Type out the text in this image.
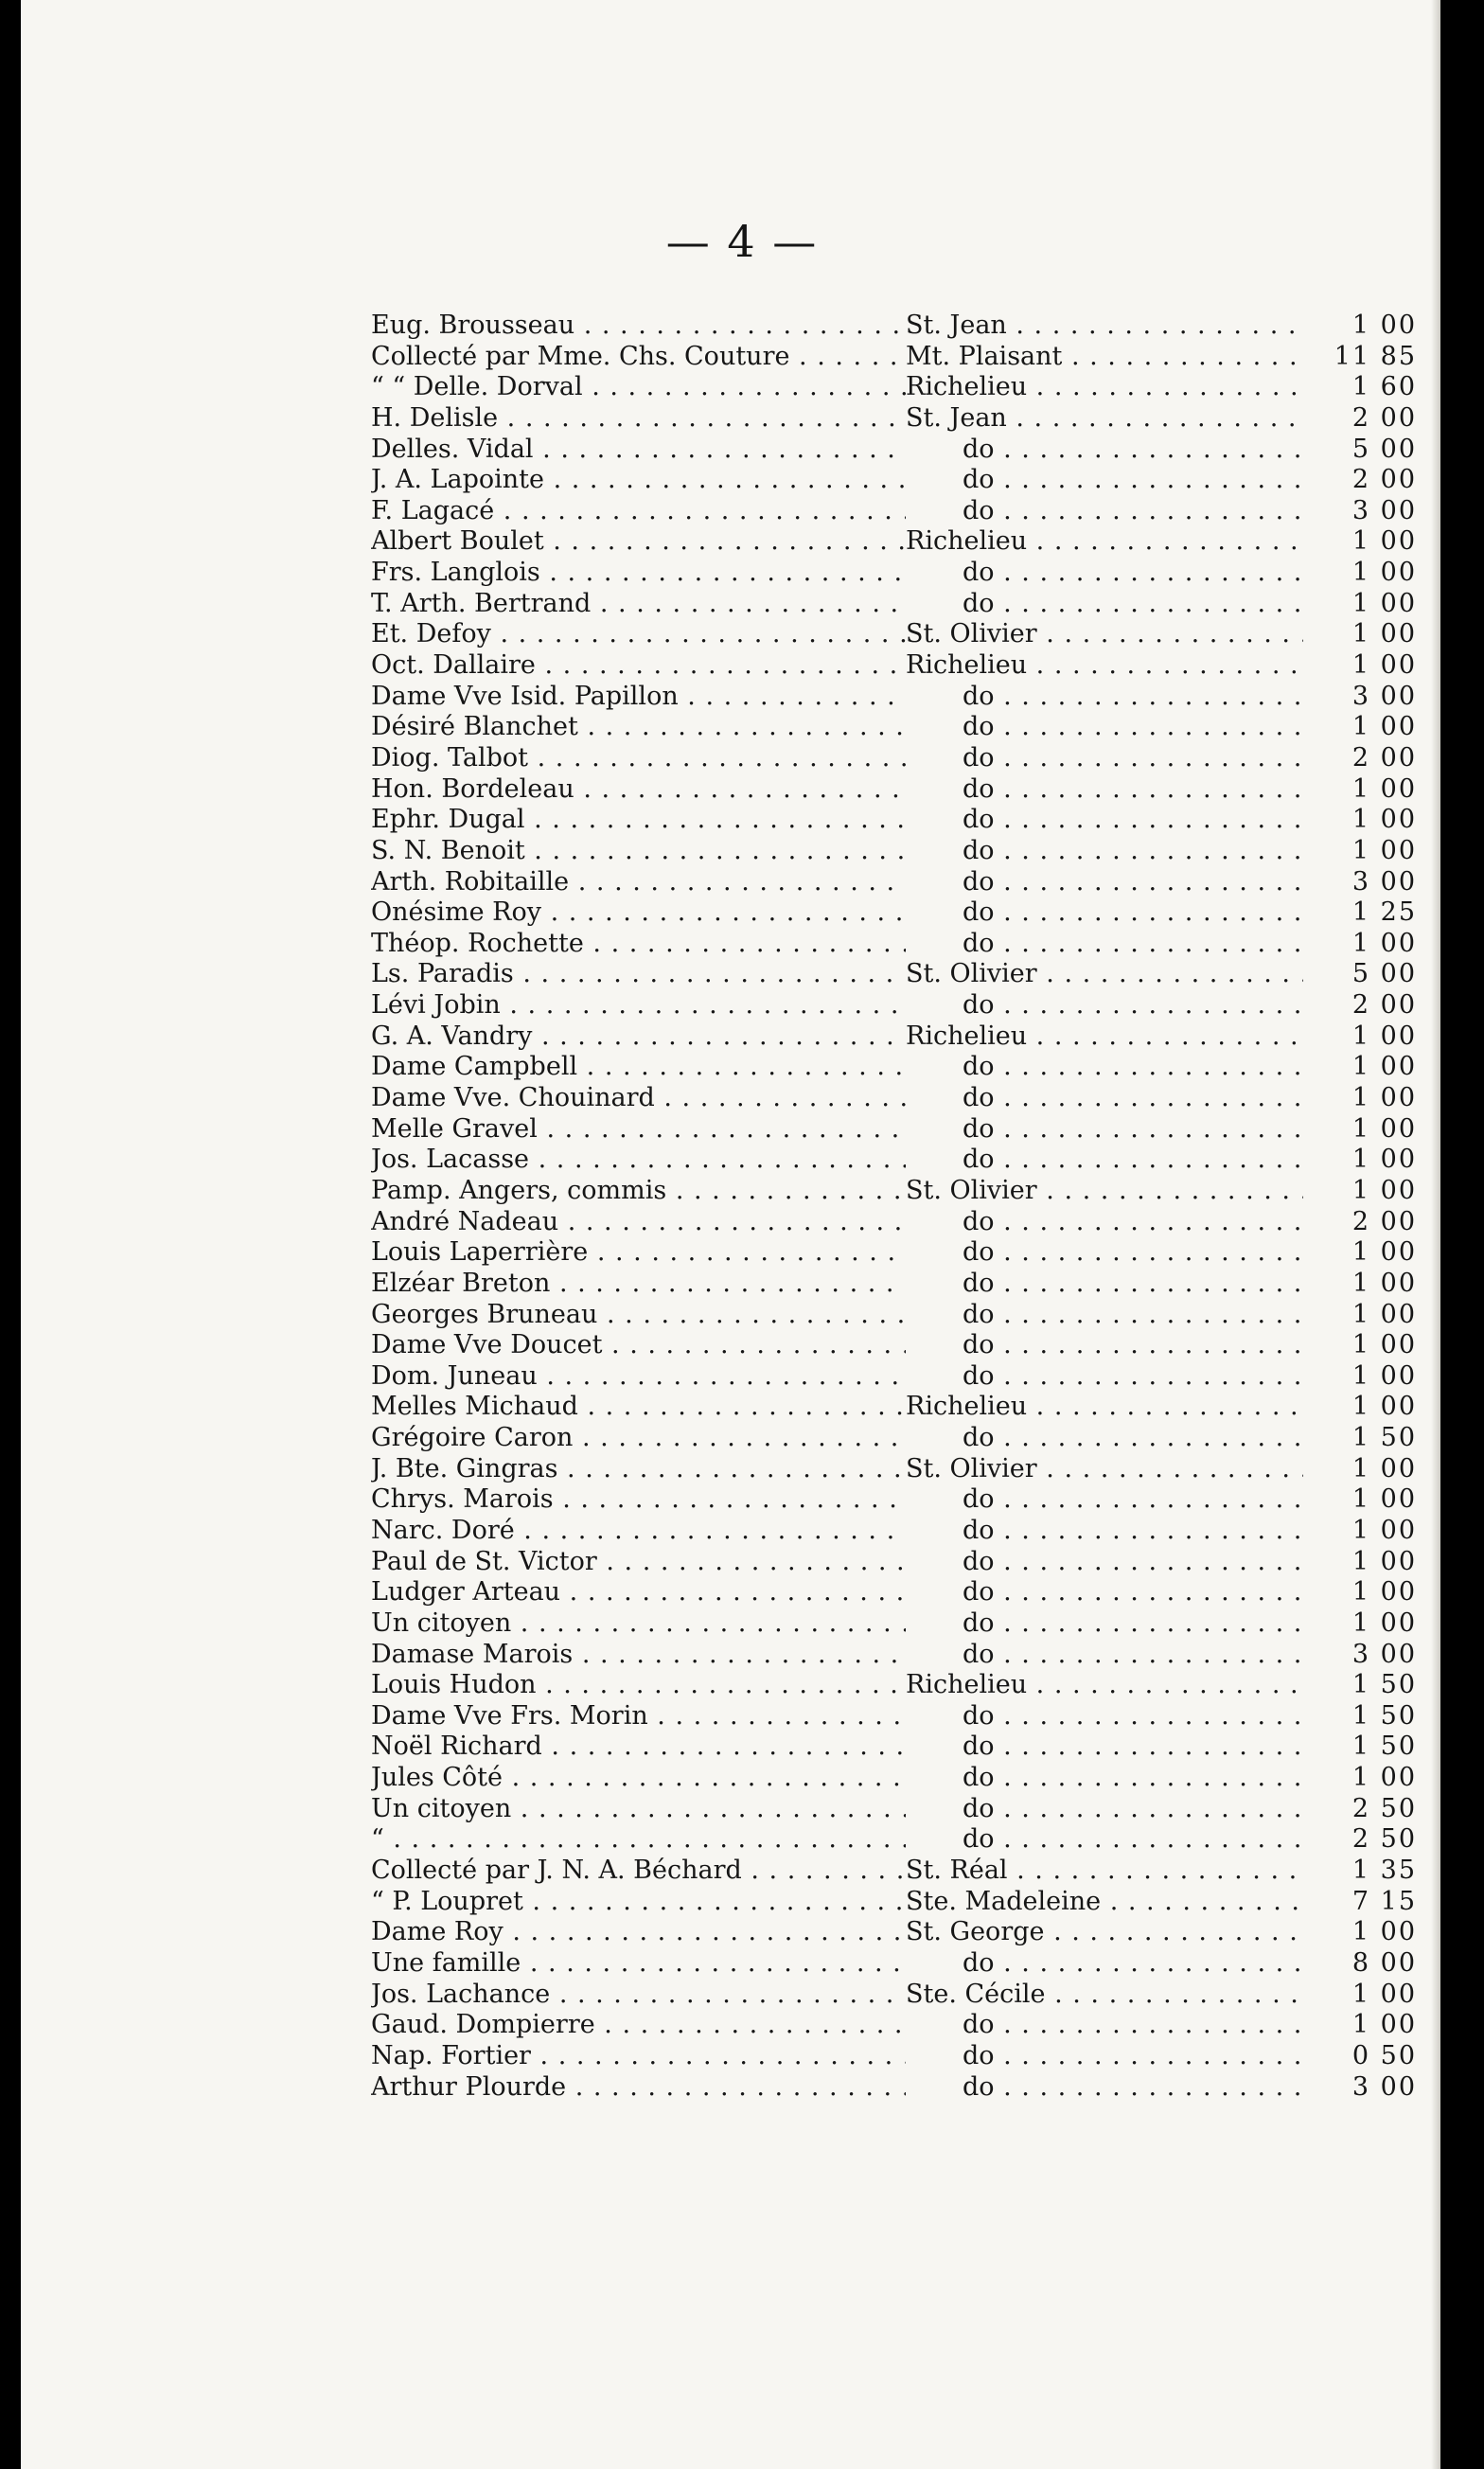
— 4 —
Eug. Brousseau . . .	St. Jean . . .	1 00
Collecté par Mme. Chs. Couture . . .	Mt. Plaisant . . .	11 85
“ “ Delle. Dorval . . .	Richelieu . . .	1 60
H. Delisle . . .	St. Jean . . .	2 00
Delles. Vidal . . .	do . . .	5 00
J. A. Lapointe . . .	do . . .	2 00
F. Lagacé . . .	do . . .	3 00
Albert Boulet . . .	Richelieu . . .	1 00
Frs. Langlois . . .	do . . .	1 00
T. Arth. Bertrand . . .	do . . .	1 00
Et. Defoy . . .	St. Olivier . . .	1 00
Oct. Dallaire . . .	Richelieu . . .	1 00
Dame Vve Isid. Papillon . . .	do . . .	3 00
Désiré Blanchet . . .	do . . .	1 00
Diog. Talbot . . .	do . . .	2 00
Hon. Bordeleau . . .	do . . .	1 00
Ephr. Dugal . . .	do . . .	1 00
S. N. Benoit . . .	do . . .	1 00
Arth. Robitaille . . .	do . . .	3 00
Onésime Roy . . .	do . . .	1 25
Théop. Rochette . . .	do . . .	1 00
Ls. Paradis . . .	St. Olivier . . .	5 00
Lévi Jobin . . .	do . . .	2 00
G. A. Vandry . . .	Richelieu . . .	1 00
Dame Campbell . . .	do . . .	1 00
Dame Vve. Chouinard . . .	do . . .	1 00
Melle Gravel . . .	do . . .	1 00
Jos. Lacasse . . .	do . . .	1 00
Pamp. Angers, commis . . .	St. Olivier . . .	1 00
André Nadeau . . .	do . . .	2 00
Louis Laperrière . . .	do . . .	1 00
Elzéar Breton . . .	do . . .	1 00
Georges Bruneau . . .	do . . .	1 00
Dame Vve Doucet . . .	do . . .	1 00
Dom. Juneau . . .	do . . .	1 00
Melles Michaud . . .	Richelieu . . .	1 00
Grégoire Caron . . .	do . . .	1 50
J. Bte. Gingras . . .	St. Olivier . . .	1 00
Chrys. Marois . . .	do . . .	1 00
Narc. Doré . . .	do . . .	1 00
Paul de St. Victor . . .	do . . .	1 00
Ludger Arteau . . .	do . . .	1 00
Un citoyen . . .	do . . .	1 00
Damase Marois . . .	do . . .	3 00
Louis Hudon . . .	Richelieu . . .	1 50
Dame Vve Frs. Morin . . .	do . . .	1 50
Noël Richard . . .	do . . .	1 50
Jules Côté . . .	do . . .	1 00
Un citoyen . . .	do . . .	2 50
“ . . .	do . . .	2 50
Collecté par J. N. A. Béchard . . .	St. Réal . . .	1 35
“ P. Loupret . . .	Ste. Madeleine . . .	7 15
Dame Roy . . .	St. George . . .	1 00
Une famille . . .	do . . .	8 00
Jos. Lachance . . .	Ste. Cécile . . .	1 00
Gaud. Dompierre . . .	do . . .	1 00
Nap. Fortier . . .	do . . .	0 50
Arthur Plourde . . .	do . . .	3 00
